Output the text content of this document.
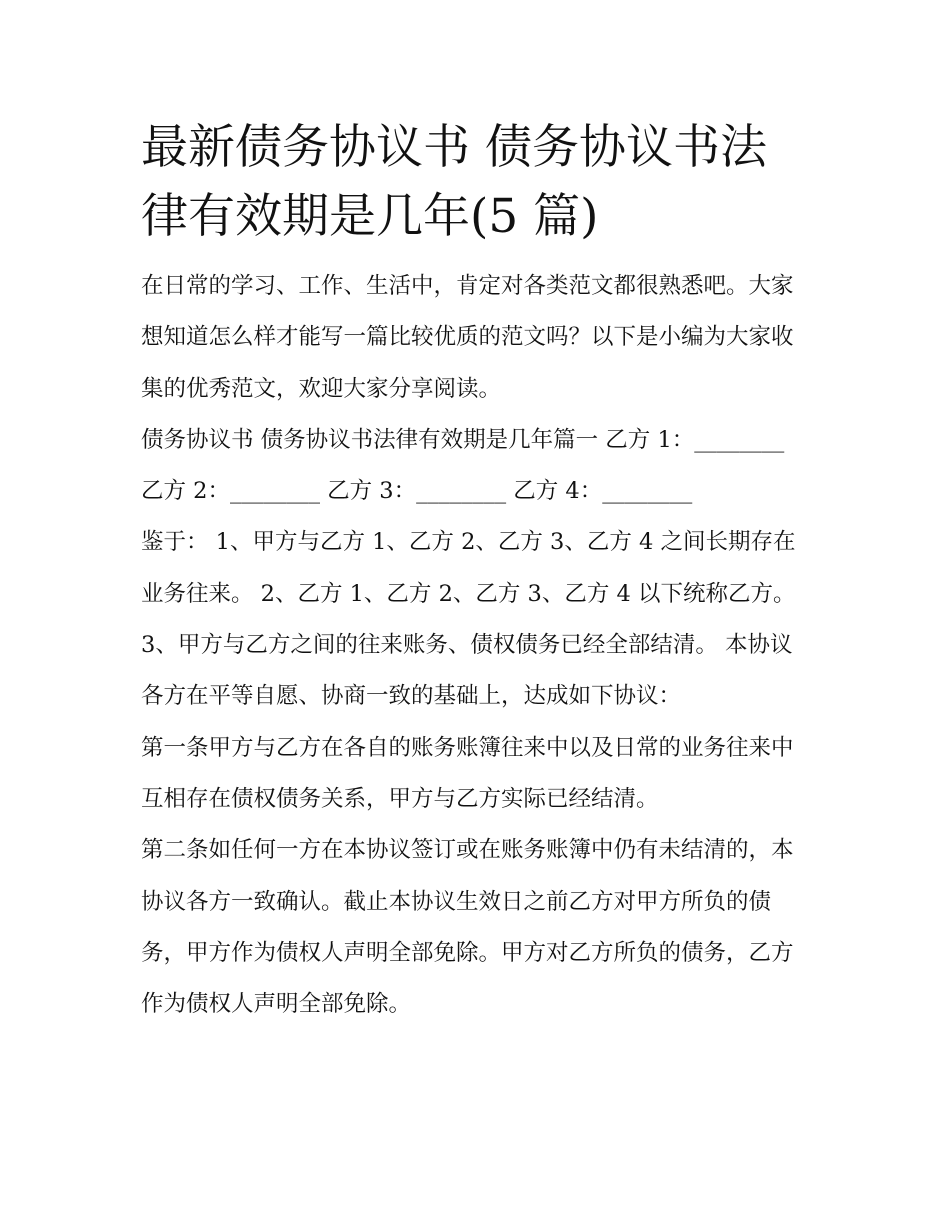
最新债务协议书 债务协议书法
律有效期是几年(5 篇)

在日常的学习、工作、生活中，肯定对各类范文都很熟悉吧。大家想知道怎么样才能写一篇比较优质的范文吗？以下是小编为大家收集的优秀范文，欢迎大家分享阅读。

债务协议书 债务协议书法律有效期是几年篇一 乙方 1：________ 乙方 2：________ 乙方 3：________ 乙方 4：________

鉴于： 1、甲方与乙方 1、乙方 2、乙方 3、乙方 4 之间长期存在业务往来。 2、乙方 1、乙方 2、乙方 3、乙方 4 以下统称乙方。

3、甲方与乙方之间的往来账务、债权债务已经全部结清。 本协议各方在平等自愿、协商一致的基础上，达成如下协议：

第一条甲方与乙方在各自的账务账簿往来中以及日常的业务往来中互相存在债权债务关系，甲方与乙方实际已经结清。

第二条如任何一方在本协议签订或在账务账簿中仍有未结清的，本协议各方一致确认。截止本协议生效日之前乙方对甲方所负的债务，甲方作为债权人声明全部免除。甲方对乙方所负的债务，乙方作为债权人声明全部免除。
